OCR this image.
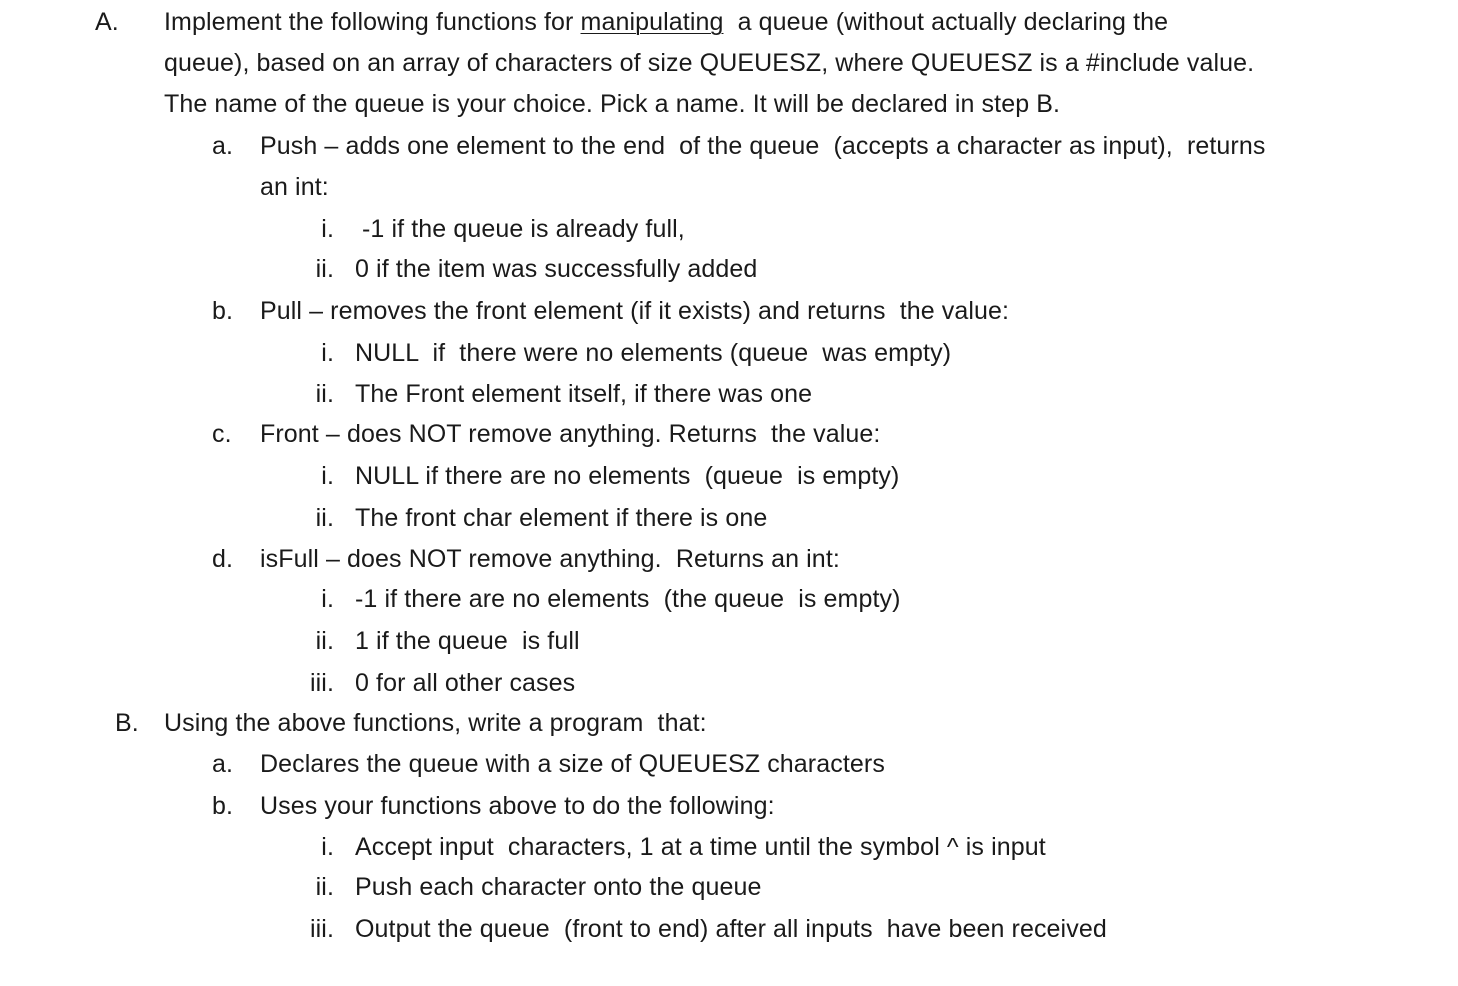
A.	Implement the following functions for manipulating  a queue (without actually declaring the
queue), based on an array of characters of size QUEUESZ, where QUEUESZ is a #include value.
The name of the queue is your choice. Pick a name. It will be declared in step B.
a.	Push – adds one element to the end  of the queue  (accepts a character as input),  returns
an int:
i. -1 if the queue is already full,
ii. 0 if the item was successfully added
b.	Pull – removes the front element (if it exists) and returns  the value:
i. NULL  if  there were no elements (queue  was empty)
ii. The Front element itself, if there was one
c.	Front – does NOT remove anything. Returns  the value:
i. NULL if there are no elements  (queue  is empty)
ii. The front char element if there is one
d.	isFull – does NOT remove anything.  Returns an int:
i. -1 if there are no elements  (the queue  is empty)
ii. 1 if the queue  is full
iii. 0 for all other cases
B.	Using the above functions, write a program  that:
a.	Declares the queue with a size of QUEUESZ characters
b.	Uses your functions above to do the following:
i. Accept input  characters, 1 at a time until the symbol ^ is input
ii. Push each character onto the queue
iii. Output the queue  (front to end) after all inputs  have been received
